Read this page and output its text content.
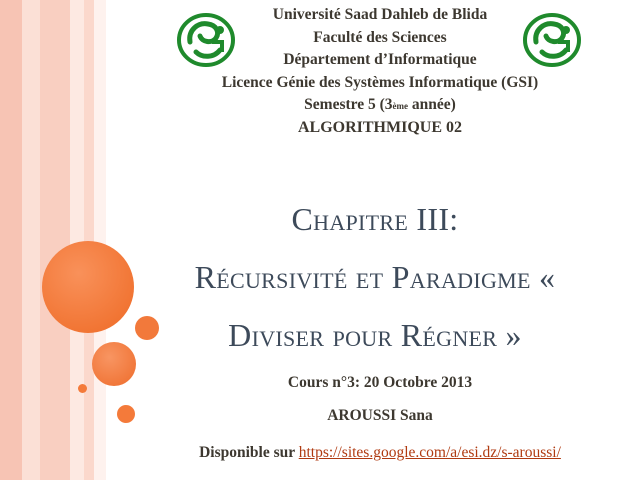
Université Saad Dahleb de Blida
Faculté des Sciences
Département d’Informatique
Licence Génie des Systèmes Informatique (GSI)
Semestre 5 (3ème année)
ALGORITHMIQUE 02
Chapitre III:
Récursivité et Paradigme «
Diviser pour Régner »
Cours n°3: 20 Octobre 2013
AROUSSI Sana
Disponible sur https://sites.google.com/a/esi.dz/s-aroussi/
